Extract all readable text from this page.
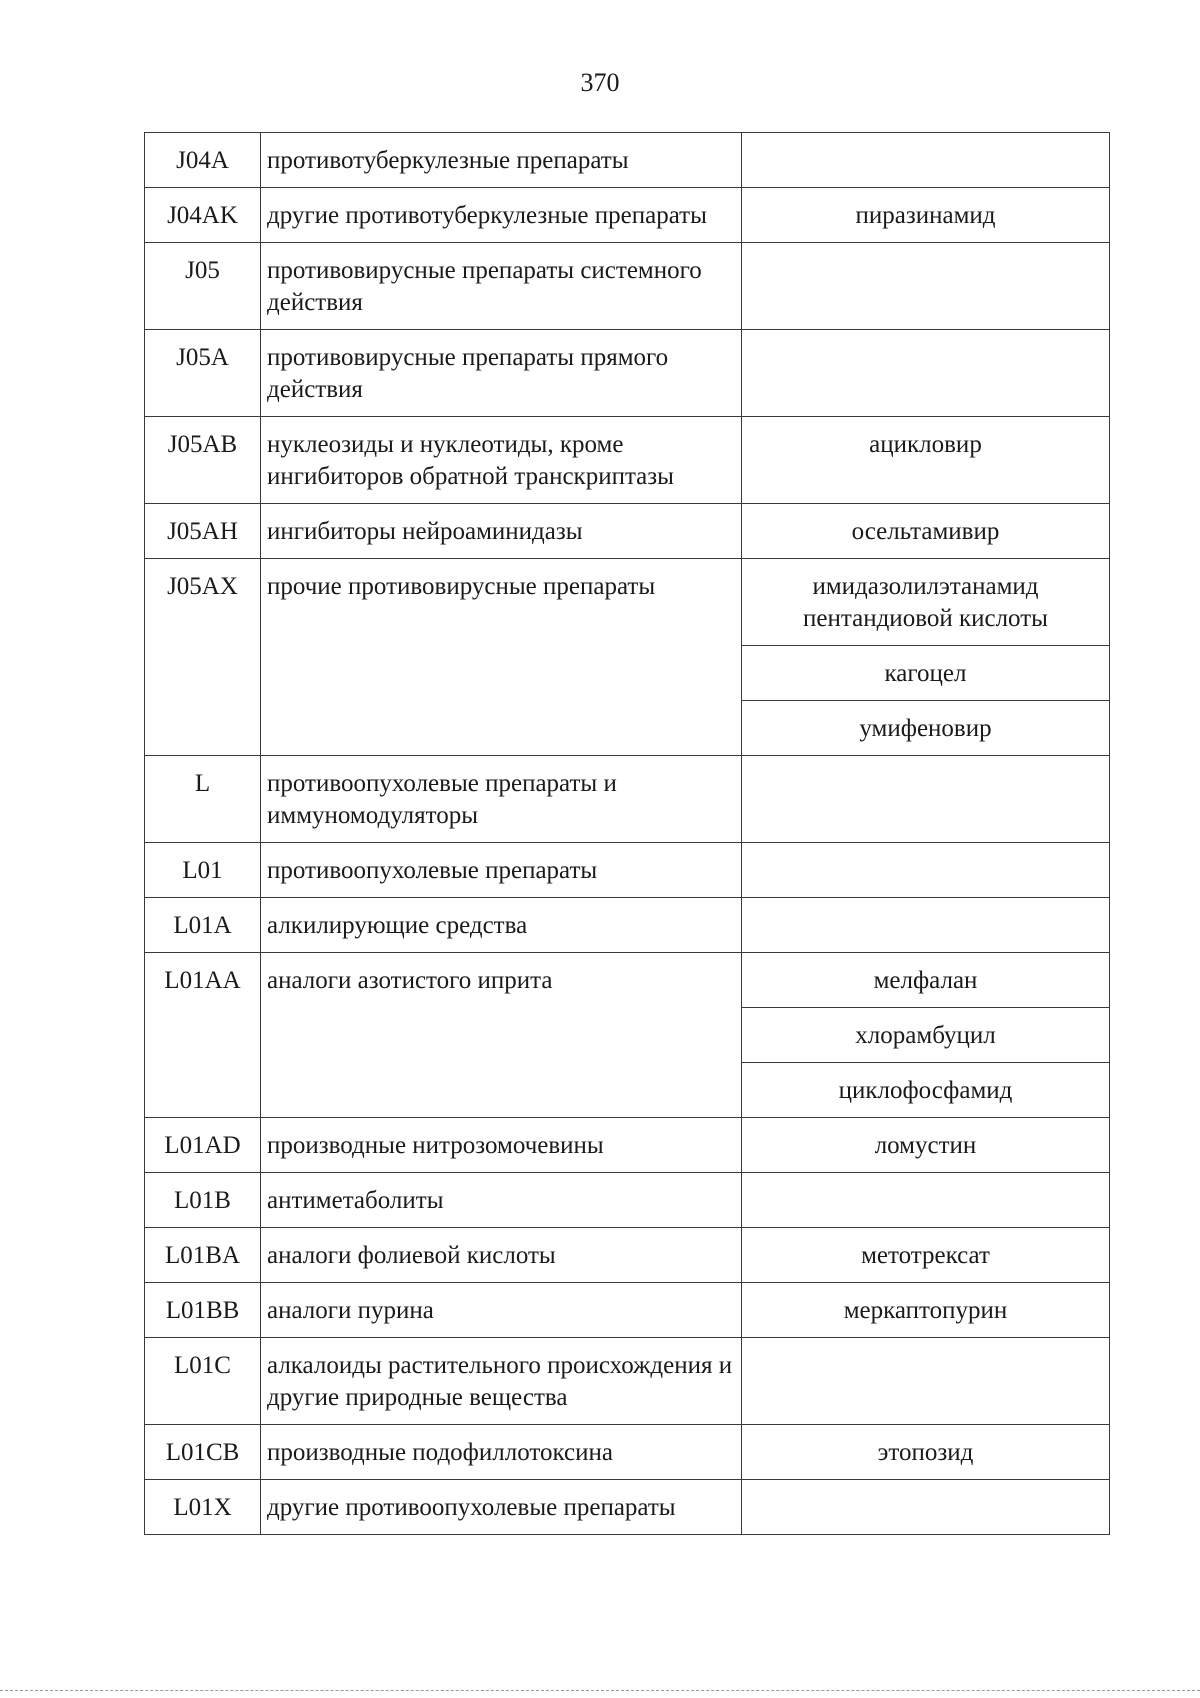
370
J04A	противотуберкулезные препараты	
J04AK	другие противотуберкулезные препараты	пиразинамид
J05	противовирусные препараты системного действия	
J05A	противовирусные препараты прямого действия	
J05AB	нуклеозиды и нуклеотиды, кроме ингибиторов обратной транскриптазы	ацикловир
J05AH	ингибиторы нейроаминидазы	осельтамивир
J05AX	прочие противовирусные препараты	имидазолилэтанамид пентандиовой кислоты
		кагоцел
		умифеновир
L	противоопухолевые препараты и иммуномодуляторы	
L01	противоопухолевые препараты	
L01A	алкилирующие средства	
L01AA	аналоги азотистого иприта	мелфалан
		хлорамбуцил
		циклофосфамид
L01AD	производные нитрозомочевины	ломустин
L01B	антиметаболиты	
L01BA	аналоги фолиевой кислоты	метотрексат
L01BB	аналоги пурина	меркаптопурин
L01C	алкалоиды растительного происхождения и другие природные вещества	
L01CB	производные подофиллотоксина	этопозид
L01X	другие противоопухолевые препараты	
